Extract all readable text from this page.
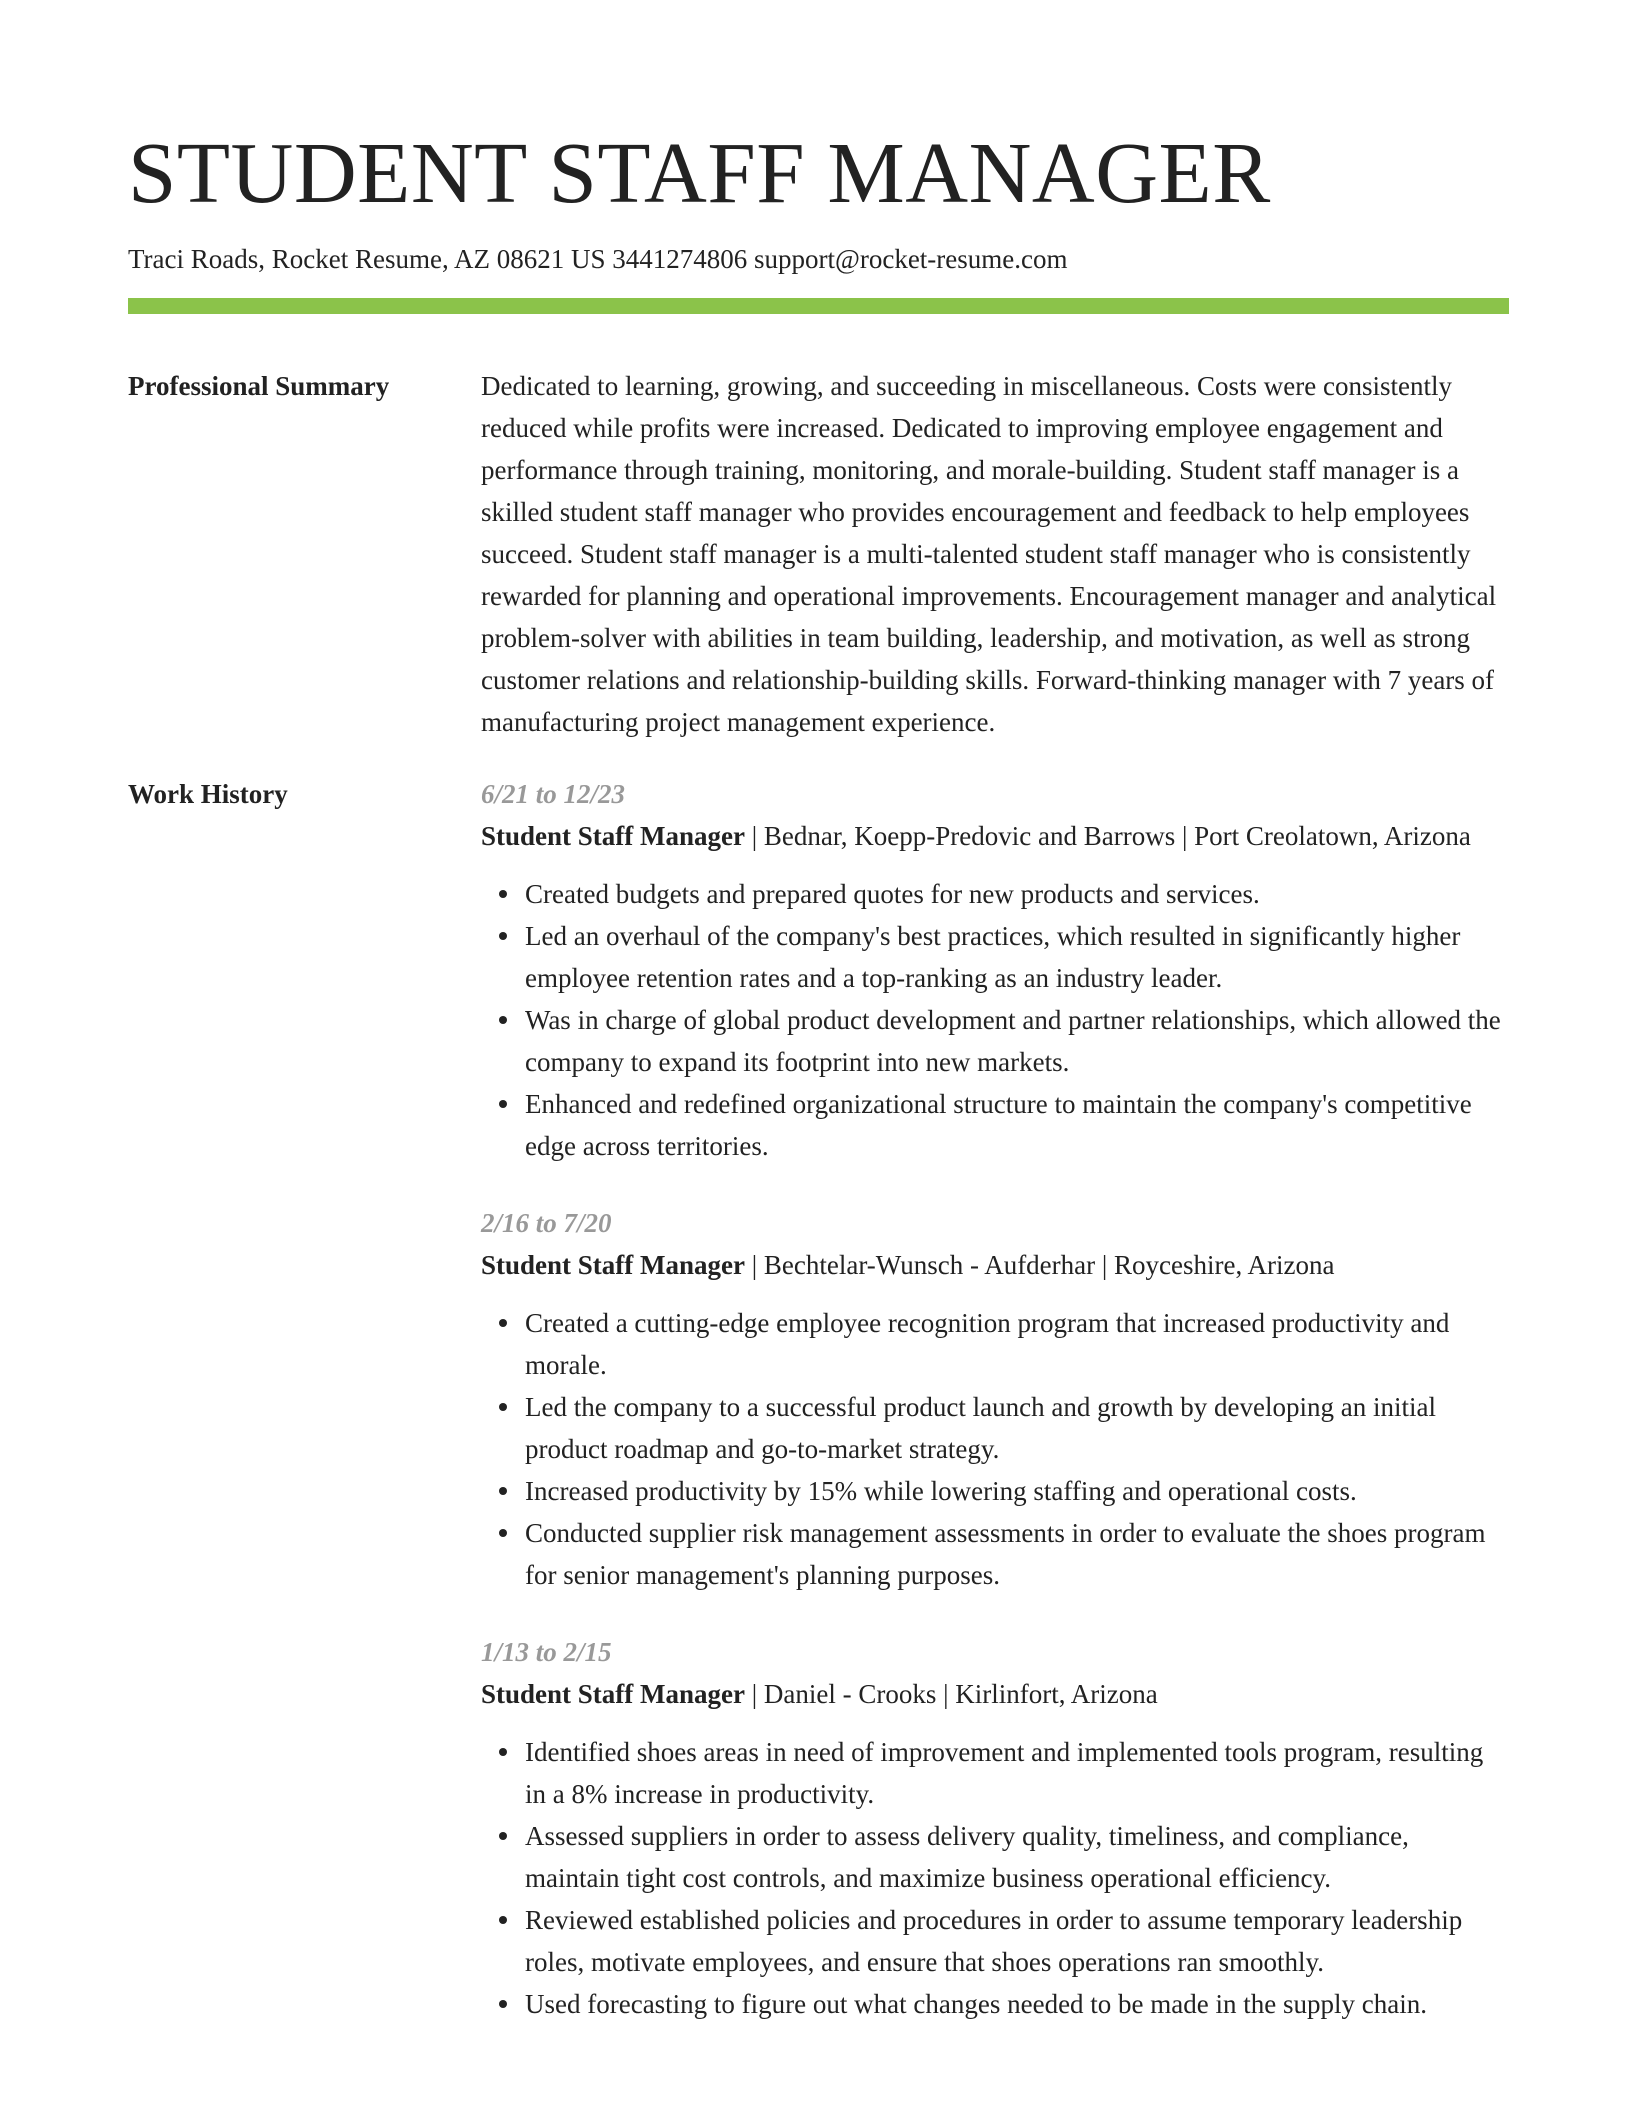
STUDENT STAFF MANAGER
Traci Roads, Rocket Resume, AZ 08621 US 3441274806 support@rocket-resume.com
Professional Summary	Dedicated to learning, growing, and succeeding in miscellaneous. Costs were consistently reduced while profits were increased. Dedicated to improving employee engagement and performance through training, monitoring, and morale-building. Student staff manager is a skilled student staff manager who provides encouragement and feedback to help employees succeed. Student staff manager is a multi-talented student staff manager who is consistently rewarded for planning and operational improvements. Encouragement manager and analytical problem-solver with abilities in team building, leadership, and motivation, as well as strong customer relations and relationship-building skills. Forward-thinking manager with 7 years of manufacturing project management experience.

Work History	6/21 to 12/23
Student Staff Manager | Bednar, Koepp-Predovic and Barrows | Port Creolatown, Arizona
Created budgets and prepared quotes for new products and services.
Led an overhaul of the company's best practices, which resulted in significantly higher employee retention rates and a top-ranking as an industry leader.
Was in charge of global product development and partner relationships, which allowed the company to expand its footprint into new markets.
Enhanced and redefined organizational structure to maintain the company's competitive edge across territories.
2/16 to 7/20
Student Staff Manager | Bechtelar-Wunsch - Aufderhar | Royceshire, Arizona
Created a cutting-edge employee recognition program that increased productivity and morale.
Led the company to a successful product launch and growth by developing an initial product roadmap and go-to-market strategy.
Increased productivity by 15% while lowering staffing and operational costs.
Conducted supplier risk management assessments in order to evaluate the shoes program for senior management's planning purposes.
1/13 to 2/15
Student Staff Manager | Daniel - Crooks | Kirlinfort, Arizona
Identified shoes areas in need of improvement and implemented tools program, resulting in a 8% increase in productivity.
Assessed suppliers in order to assess delivery quality, timeliness, and compliance, maintain tight cost controls, and maximize business operational efficiency.
Reviewed established policies and procedures in order to assume temporary leadership roles, motivate employees, and ensure that shoes operations ran smoothly.
Used forecasting to figure out what changes needed to be made in the supply chain.
